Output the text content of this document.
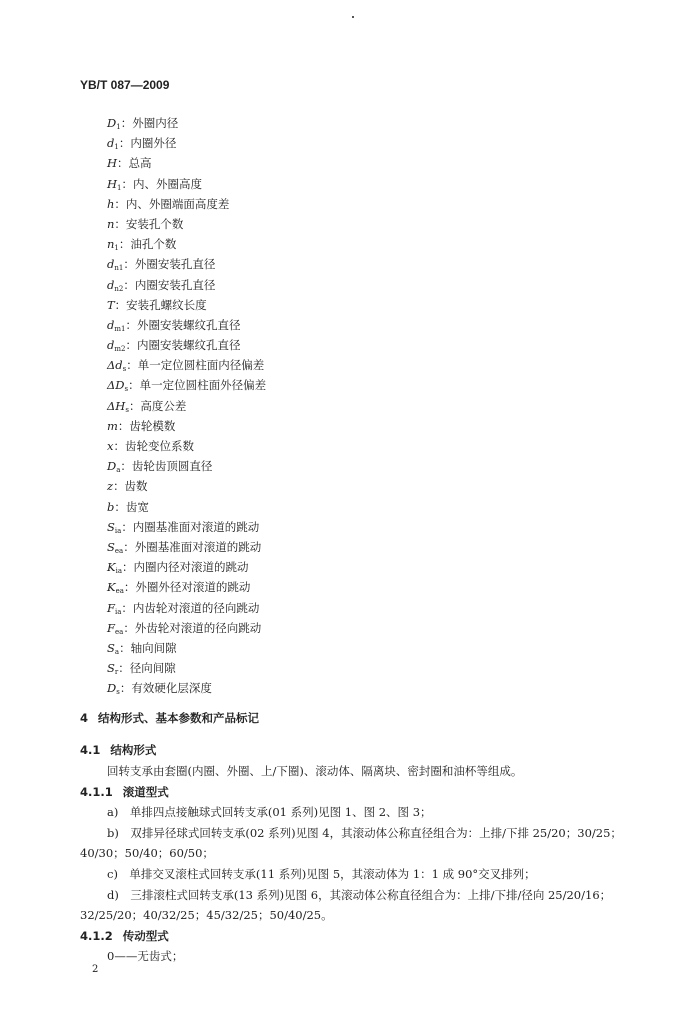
YB/T 087—2009
$D_1$：外圈内径
$d_1$：内圈外径
H：总高
$H_1$：内、外圈高度
h：内、外圈端面高度差
n：安装孔个数
$n_1$：油孔个数
$d_{n1}$：外圈安装孔直径
$d_{n2}$：内圈安装孔直径
T：安装孔螺纹长度
$d_{m1}$：外圈安装螺纹孔直径
$d_{m2}$：内圈安装螺纹孔直径
$\Delta d_s$：单一定位圆柱面内径偏差
$\Delta D_s$：单一定位圆柱面外径偏差
$\Delta H_s$：高度公差
m：齿轮模数
x：齿轮变位系数
$D_a$：齿轮齿顶圆直径
z：齿数
b：齿宽
$S_{ia}$：内圈基准面对滚道的跳动
$S_{ea}$：外圈基准面对滚道的跳动
$K_{ia}$：内圈内径对滚道的跳动
$K_{ea}$：外圈外径对滚道的跳动
$F_{ia}$：内齿轮对滚道的径向跳动
$F_{ea}$：外齿轮对滚道的径向跳动
$S_a$：轴向间隙
$S_r$：径向间隙
$D_s$：有效硬化层深度
4 结构形式、基本参数和产品标记
4.1 结构形式
回转支承由套圈(内圈、外圈、上/下圈)、滚动体、隔离块、密封圈和油杯等组成。
4.1.1 滚道型式
a)　单排四点接触球式回转支承(01 系列)见图 1、图 2、图 3；
b)　双排异径球式回转支承(02 系列)见图 4，其滚动体公称直径组合为：上排/下排 25/20；30/25；
40/30；50/40；60/50；
c)　单排交叉滚柱式回转支承(11 系列)见图 5，其滚动体为 1：1 成 90°交叉排列；
d)　三排滚柱式回转支承(13 系列)见图 6，其滚动体公称直径组合为：上排/下排/径向 25/20/16；
32/25/20；40/32/25；45/32/25；50/40/25。
4.1.2 传动型式
0——无齿式；
2
